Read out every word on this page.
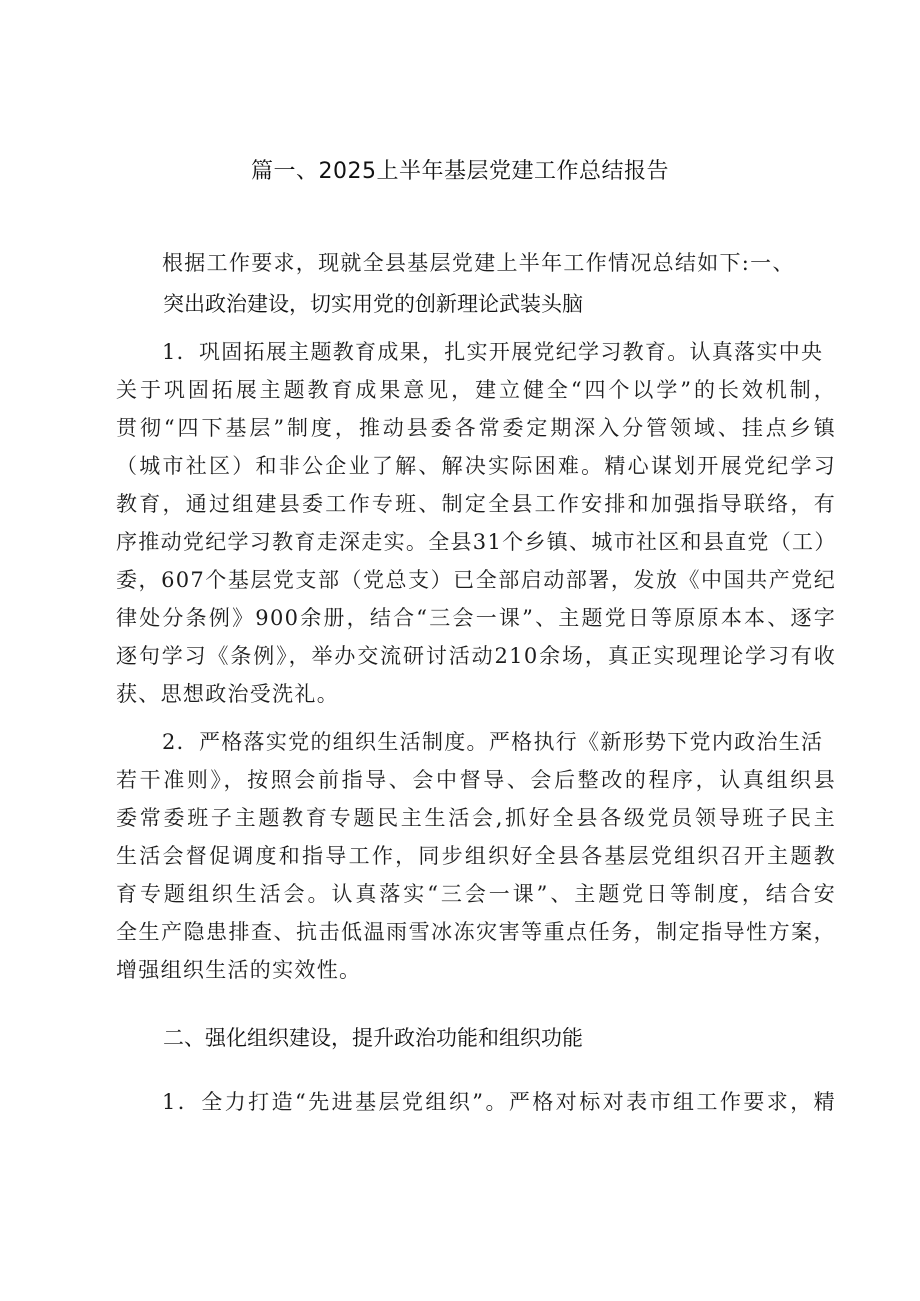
篇一、2025上半年基层党建工作总结报告
根据工作要求，现就全县基层党建上半年工作情况总结如下:一、
突出政治建设，切实用党的创新理论武装头脑
1．巩固拓展主题教育成果，扎实开展党纪学习教育。认真落实中央
关于巩固拓展主题教育成果意见，建立健全“四个以学”的长效机制，
贯彻“四下基层”制度，推动县委各常委定期深入分管领域、挂点乡镇
（城市社区）和非公企业了解、解决实际困难。精心谋划开展党纪学习
教育，通过组建县委工作专班、制定全县工作安排和加强指导联络，有
序推动党纪学习教育走深走实。全县31个乡镇、城市社区和县直党（工）
委，607个基层党支部（党总支）已全部启动部署，发放《中国共产党纪
律处分条例》900余册，结合“三会一课”、主题党日等原原本本、逐字
逐句学习《条例》，举办交流研讨活动210余场，真正实现理论学习有收
获、思想政治受洗礼。
2．严格落实党的组织生活制度。严格执行《新形势下党内政治生活
若干准则》，按照会前指导、会中督导、会后整改的程序，认真组织县
委常委班子主题教育专题民主生活会,抓好全县各级党员领导班子民主
生活会督促调度和指导工作，同步组织好全县各基层党组织召开主题教
育专题组织生活会。认真落实“三会一课”、主题党日等制度，结合安
全生产隐患排查、抗击低温雨雪冰冻灾害等重点任务，制定指导性方案，
增强组织生活的实效性。
二、强化组织建设，提升政治功能和组织功能
1．全力打造“先进基层党组织”。严格对标对表市组工作要求，精
